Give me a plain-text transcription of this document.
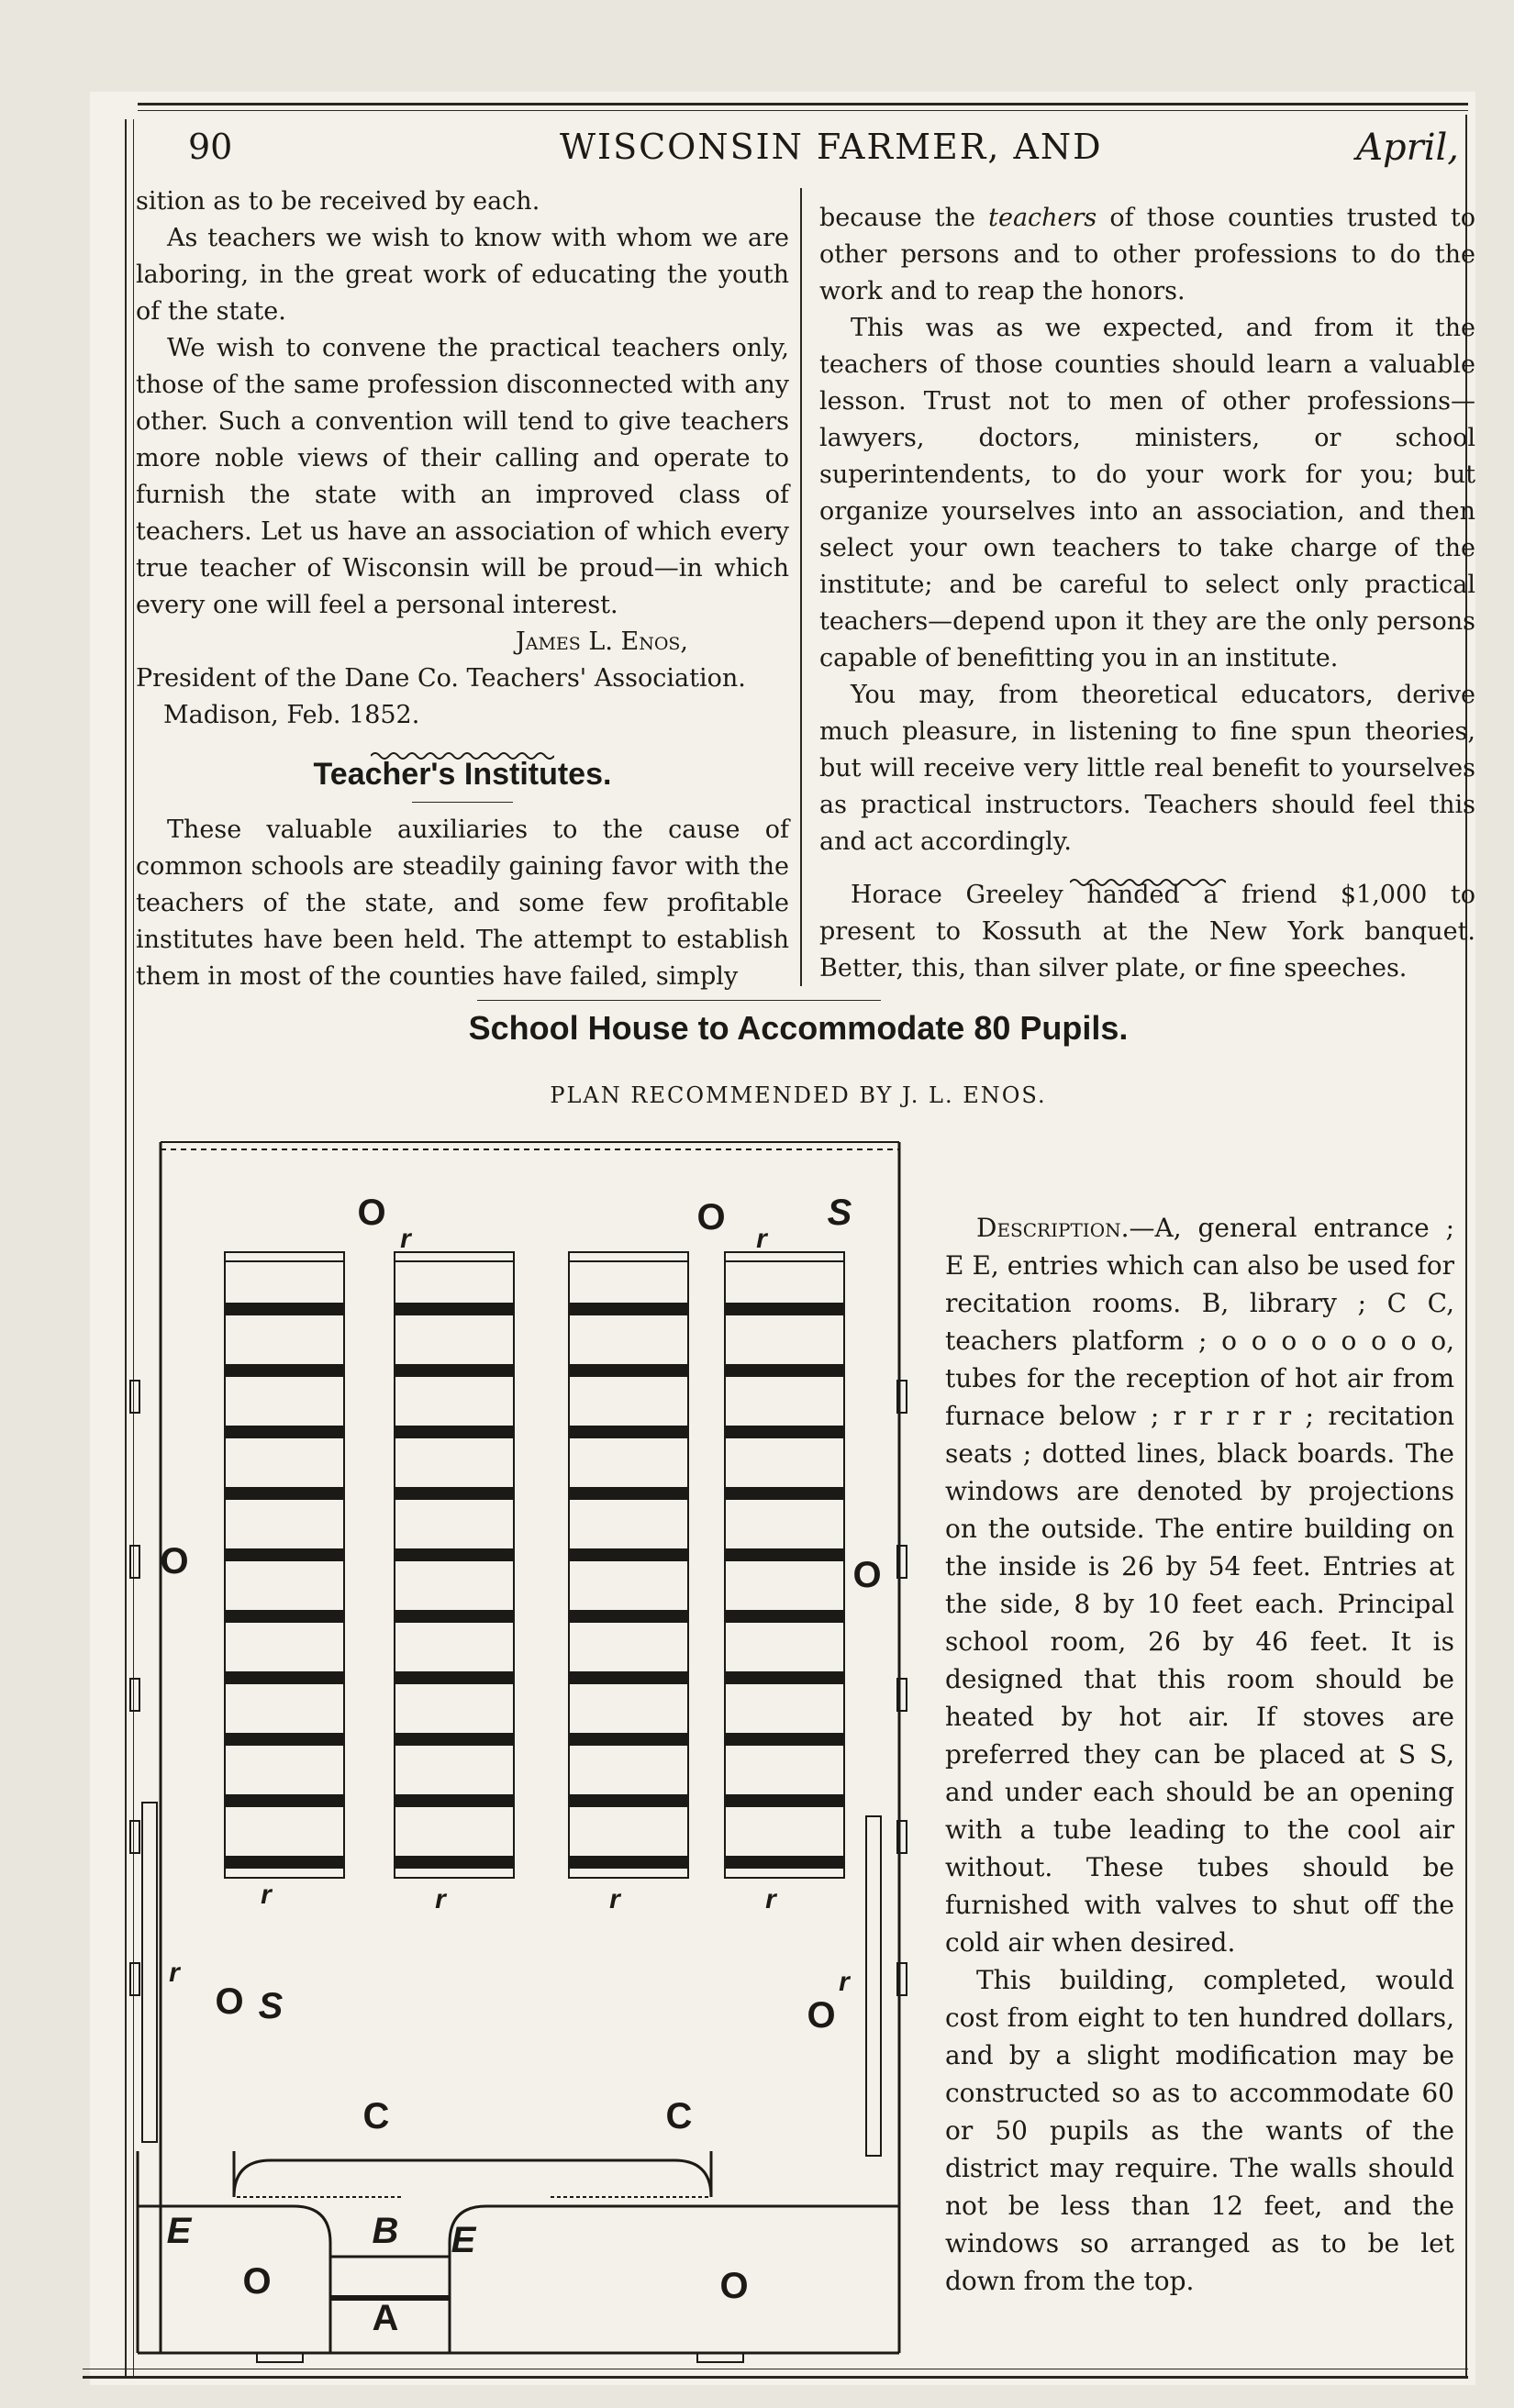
90	WISCONSIN FARMER, AND	April,

sition as to be received by each.

As teachers we wish to know with whom we are laboring, in the great work of educating the youth of the state.

We wish to convene the practical teachers only, those of the same profession disconnected with any other. Such a convention will tend to give teachers more noble views of their calling and operate to furnish the state with an improved class of teachers. Let us have an association of which every true teacher of Wisconsin will be proud—in which every one will feel a personal interest.

James L. Enos,

President of the Dane Co. Teachers' Association.

Madison, Feb. 1852.

Teacher's Institutes.

These valuable auxiliaries to the cause of common schools are steadily gaining favor with the teachers of the state, and some few profitable institutes have been held. The attempt to establish them in most of the counties have failed, simply

because the teachers of those counties trusted to other persons and to other professions to do the work and to reap the honors.

This was as we expected, and from it the teachers of those counties should learn a valuable lesson. Trust not to men of other professions—lawyers, doctors, ministers, or school superintendents, to do your work for you; but organize yourselves into an association, and then select your own teachers to take charge of the institute; and be careful to select only practical teachers—depend upon it they are the only persons capable of benefitting you in an institute.

You may, from theoretical educators, derive much pleasure, in listening to fine spun theories, but will receive very little real benefit to yourselves as practical instructors. Teachers should feel this and act accordingly.

Horace Greeley handed a friend $1,000 to present to Kossuth at the New York banquet. Better, this, than silver plate, or fine speeches.

School House to Accommodate 80 Pupils.
PLAN RECOMMENDED BY J. L. ENOS.
O	O	S
r	r
O	O
r	r	r	r
r	r
O S	O
C	C
E	B E
O	O
A

Description.—A, general entrance ; E E, entries which can also be used for recitation rooms. B, library ; C C, teachers platform ; o o o o o o o o, tubes for the reception of hot air from furnace below ; r r r r r ; recitation seats ; dotted lines, black boards. The windows are denoted by projections on the outside. The entire building on the inside is 26 by 54 feet. Entries at the side, 8 by 10 feet each. Principal school room, 26 by 46 feet. It is designed that this room should be heated by hot air. If stoves are preferred they can be placed at S S, and under each should be an opening with a tube leading to the cool air without. These tubes should be furnished with valves to shut off the cold air when desired.

This building, completed, would cost from eight to ten hundred dollars, and by a slight modification may be constructed so as to accommodate 60 or 50 pupils as the wants of the district may require. The walls should not be less than 12 feet, and the windows so arranged as to be let down from the top.
